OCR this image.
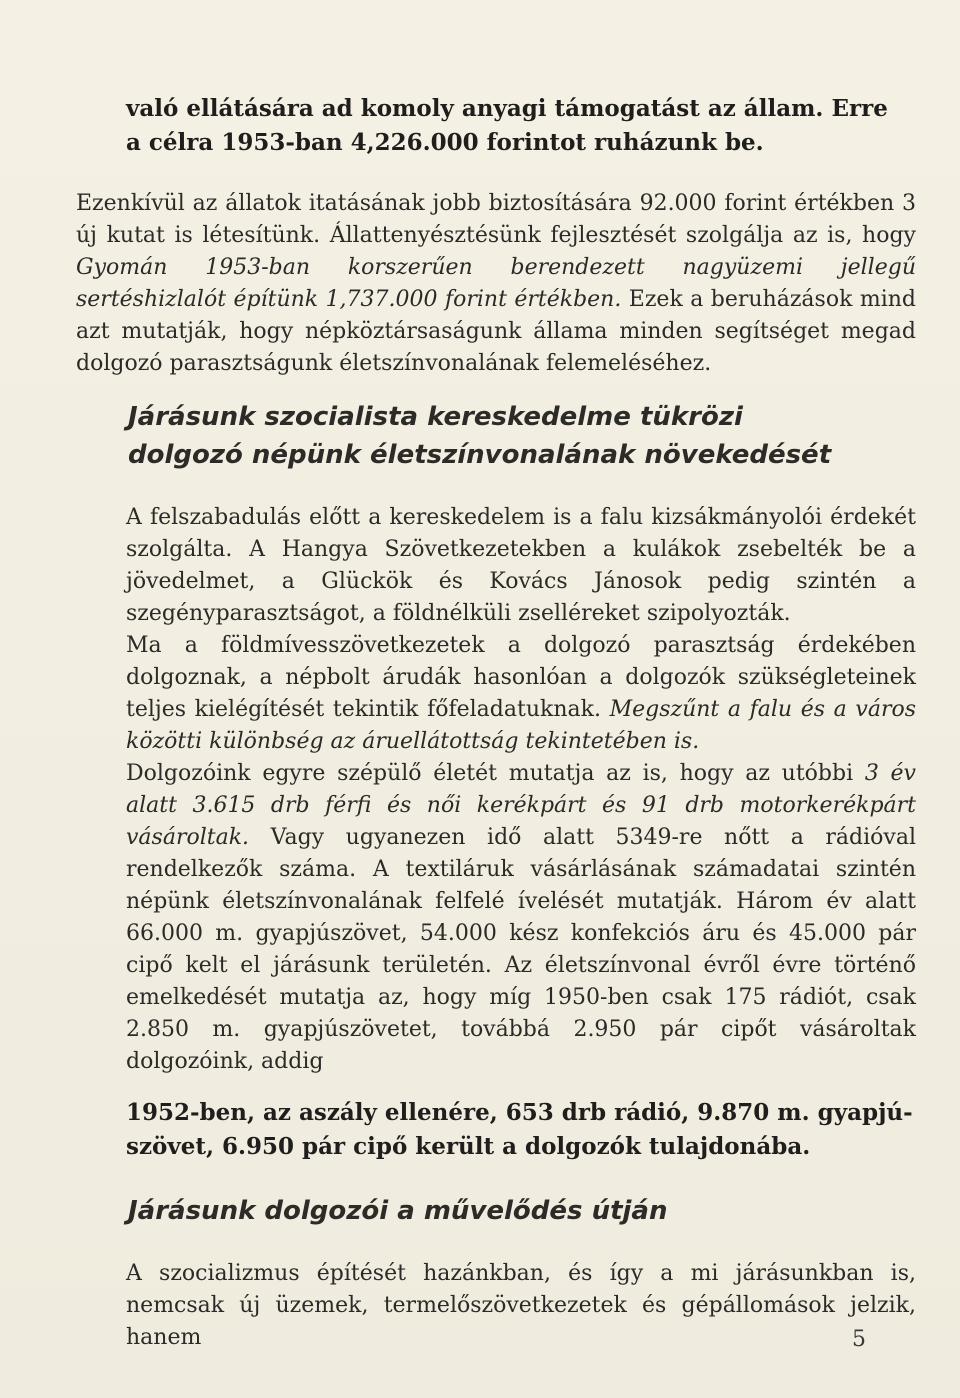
való ellátására ad komoly anyagi támogatást az állam. Erre

a célra 1953-ban 4,226.000 forintot ruházunk be.

Ezenkívül az állatok itatásának jobb biztosítására 92.000 forint értékben 3 új kutat is létesítünk. Állattenyésztésünk fejlesztését szolgálja az is, hogy Gyomán 1953-ban korszerűen berendezett nagyüzemi jellegű sertéshizlalót építünk 1,737.000 forint értékben. Ezek a beruházások mind azt mutatják, hogy népköztársaságunk állama minden segítséget megad dolgozó parasztságunk életszínvonalának felemeléséhez.

Járásunk szocialista kereskedelme tükrözi
dolgozó népünk életszínvonalának növekedését

A felszabadulás előtt a kereskedelem is a falu kizsákmányolói érdekét szolgálta. A Hangya Szövetkezetekben a kulákok zsebelték be a jövedelmet, a Glückök és Kovács Jánosok pedig szintén a szegényparasztságot, a földnélküli zselléreket szipolyozták.

Ma a földmívesszövetkezetek a dolgozó parasztság érdekében dolgoznak, a népbolt árudák hasonlóan a dolgozók szükségleteinek teljes kielégítését tekintik főfeladatuknak. Megszűnt a falu és a város közötti különbség az áruellátottság tekintetében is.

Dolgozóink egyre szépülő életét mutatja az is, hogy az utóbbi 3 év alatt 3.615 drb férfi és női kerékpárt és 91 drb motorkerékpárt vásároltak. Vagy ugyanezen idő alatt 5349-re nőtt a rádióval rendelkezők száma. A textiláruk vásárlásának számadatai szintén népünk életszínvonalának felfelé ívelését mutatják. Három év alatt 66.000 m. gyapjúszövet, 54.000 kész konfekciós áru és 45.000 pár cipő kelt el járásunk területén. Az életszínvonal évről évre történő emelkedését mutatja az, hogy míg 1950-ben csak 175 rádiót, csak 2.850 m. gyapjúszövetet, továbbá 2.950 pár cipőt vásároltak dolgozóink, addig

1952-ben, az aszály ellenére, 653 drb rádió, 9.870 m. gyapjú-

szövet, 6.950 pár cipő került a dolgozók tulajdonába.

Járásunk dolgozói a művelődés útján

A szocializmus építését hazánkban, és így a mi járásunkban is, nemcsak új üzemek, termelőszövetkezetek és gépállomások jelzik, hanem	5
